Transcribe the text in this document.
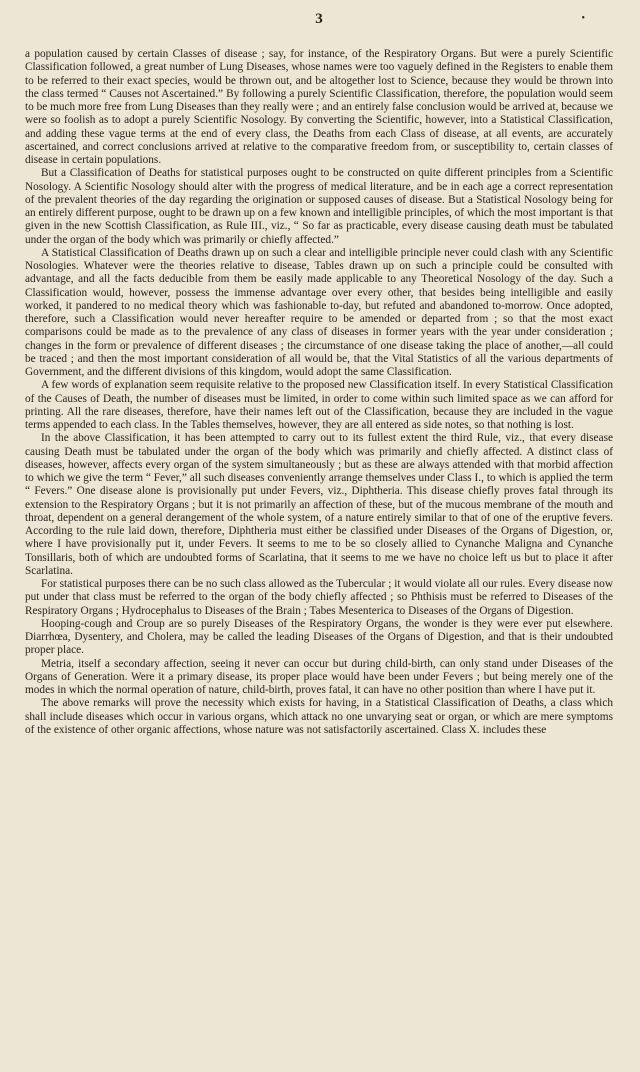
3	•

a population caused by certain Classes of disease ; say, for instance, of the Respiratory Organs. But were a purely Scientific Classification followed, a great number of Lung Diseases, whose names were too vaguely defined in the Registers to enable them to be referred to their exact species, would be thrown out, and be altogether lost to Science, because they would be thrown into the class termed “ Causes not Ascertained.” By following a purely Scientific Classification, therefore, the population would seem to be much more free from Lung Diseases than they really were ; and an entirely false conclusion would be arrived at, because we were so foolish as to adopt a purely Scientific Nosology. By converting the Scientific, however, into a Statistical Classification, and adding these vague terms at the end of every class, the Deaths from each Class of disease, at all events, are accurately ascertained, and correct conclusions arrived at relative to the comparative freedom from, or susceptibility to, certain classes of disease in certain populations.

But a Classification of Deaths for statistical purposes ought to be constructed on quite different principles from a Scientific Nosology. A Scientific Nosology should alter with the progress of medical literature, and be in each age a correct representation of the prevalent theories of the day regarding the origination or supposed causes of disease. But a Statistical Nosology being for an entirely different purpose, ought to be drawn up on a few known and intelligible principles, of which the most important is that given in the new Scottish Classification, as Rule III., viz., “ So far as practicable, every disease causing death must be tabulated under the organ of the body which was primarily or chiefly affected.”

A Statistical Classification of Deaths drawn up on such a clear and intelligible principle never could clash with any Scientific Nosologies. Whatever were the theories relative to disease, Tables drawn up on such a principle could be consulted with advantage, and all the facts deducible from them be easily made applicable to any Theoretical Nosology of the day. Such a Classification would, however, possess the immense advantage over every other, that besides being intelligible and easily worked, it pandered to no medical theory which was fashionable to-day, but refuted and abandoned to-morrow. Once adopted, therefore, such a Classification would never hereafter require to be amended or departed from ; so that the most exact comparisons could be made as to the prevalence of any class of diseases in former years with the year under consideration ; changes in the form or prevalence of different diseases ; the circumstance of one disease taking the place of another,—all could be traced ; and then the most important consideration of all would be, that the Vital Statistics of all the various departments of Government, and the different divisions of this kingdom, would adopt the same Classification.

A few words of explanation seem requisite relative to the proposed new Classification itself. In every Statistical Classification of the Causes of Death, the number of diseases must be limited, in order to come within such limited space as we can afford for printing. All the rare diseases, therefore, have their names left out of the Classification, because they are included in the vague terms appended to each class. In the Tables themselves, however, they are all entered as side notes, so that nothing is lost.

In the above Classification, it has been attempted to carry out to its fullest extent the third Rule, viz., that every disease causing Death must be tabulated under the organ of the body which was primarily and chiefly affected. A distinct class of diseases, however, affects every organ of the system simultaneously ; but as these are always attended with that morbid affection to which we give the term “ Fever,” all such diseases conveniently arrange themselves under Class I., to which is applied the term “ Fevers.” One disease alone is provisionally put under Fevers, viz., Diphtheria. This disease chiefly proves fatal through its extension to the Respiratory Organs ; but it is not primarily an affection of these, but of the mucous membrane of the mouth and throat, dependent on a general derangement of the whole system, of a nature entirely similar to that of one of the eruptive fevers. According to the rule laid down, therefore, Diphtheria must either be classified under Diseases of the Organs of Digestion, or, where I have provisionally put it, under Fevers. It seems to me to be so closely allied to Cynanche Maligna and Cynanche Tonsillaris, both of which are undoubted forms of Scarlatina, that it seems to me we have no choice left us but to place it after Scarlatina.

For statistical purposes there can be no such class allowed as the Tubercular ; it would violate all our rules. Every disease now put under that class must be referred to the organ of the body chiefly affected ; so Phthisis must be referred to Diseases of the Respiratory Organs ; Hydrocephalus to Diseases of the Brain ; Tabes Mesenterica to Diseases of the Organs of Digestion.

Hooping-cough and Croup are so purely Diseases of the Respiratory Organs, the wonder is they were ever put elsewhere. Diarrhœa, Dysentery, and Cholera, may be called the leading Diseases of the Organs of Digestion, and that is their undoubted proper place.

Metria, itself a secondary affection, seeing it never can occur but during child-birth, can only stand under Diseases of the Organs of Generation. Were it a primary disease, its proper place would have been under Fevers ; but being merely one of the modes in which the normal operation of nature, child-birth, proves fatal, it can have no other position than where I have put it.

The above remarks will prove the necessity which exists for having, in a Statistical Classification of Deaths, a class which shall include diseases which occur in various organs, which attack no one unvarying seat or organ, or which are mere symptoms of the existence of other organic affections, whose nature was not satisfactorily ascertained. Class X. includes these
